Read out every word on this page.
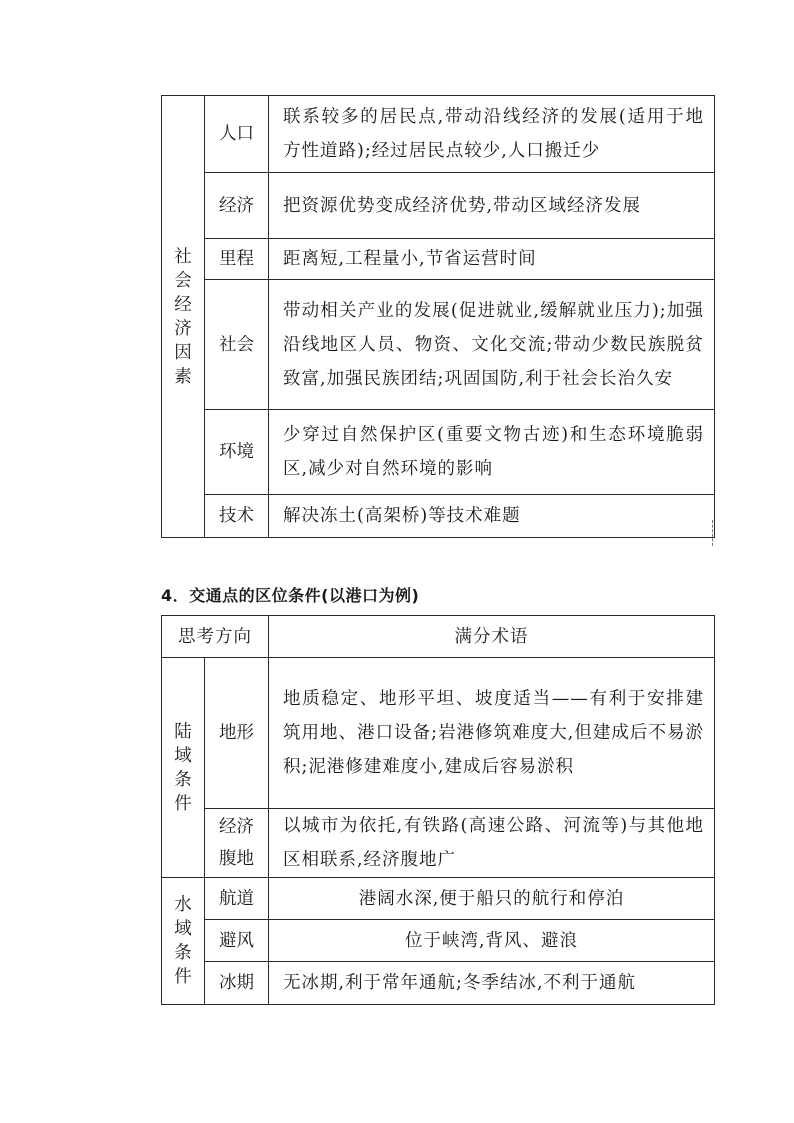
社会经济因素	人口	联系较多的居民点,带动沿线经济的发展(适用于地方性道路);经过居民点较少,人口搬迁少
	经济	把资源优势变成经济优势,带动区域经济发展
	里程	距离短,工程量小,节省运营时间
	社会	带动相关产业的发展(促进就业,缓解就业压力);加强沿线地区人员、物资、文化交流;带动少数民族脱贫致富,加强民族团结;巩固国防,利于社会长治久安
	环境	少穿过自然保护区(重要文物古迹)和生态环境脆弱区,减少对自然环境的影响
	技术	解决冻土(高架桥)等技术难题
4．交通点的区位条件(以港口为例)
思考方向		满分术语

陆域条件	地形	地质稳定、地形平坦、坡度适当——有利于安排建筑用地、港口设备;岩港修筑难度大,但建成后不易淤积;泥港修建难度小,建成后容易淤积

	经济腹地	以城市为依托,有铁路(高速公路、河流等)与其他地区相联系,经济腹地广

水域条件	航道	港阔水深,便于船只的航行和停泊
	避风	位于峡湾,背风、避浪
	冰期	无冰期,利于常年通航;冬季结冰,不利于通航
